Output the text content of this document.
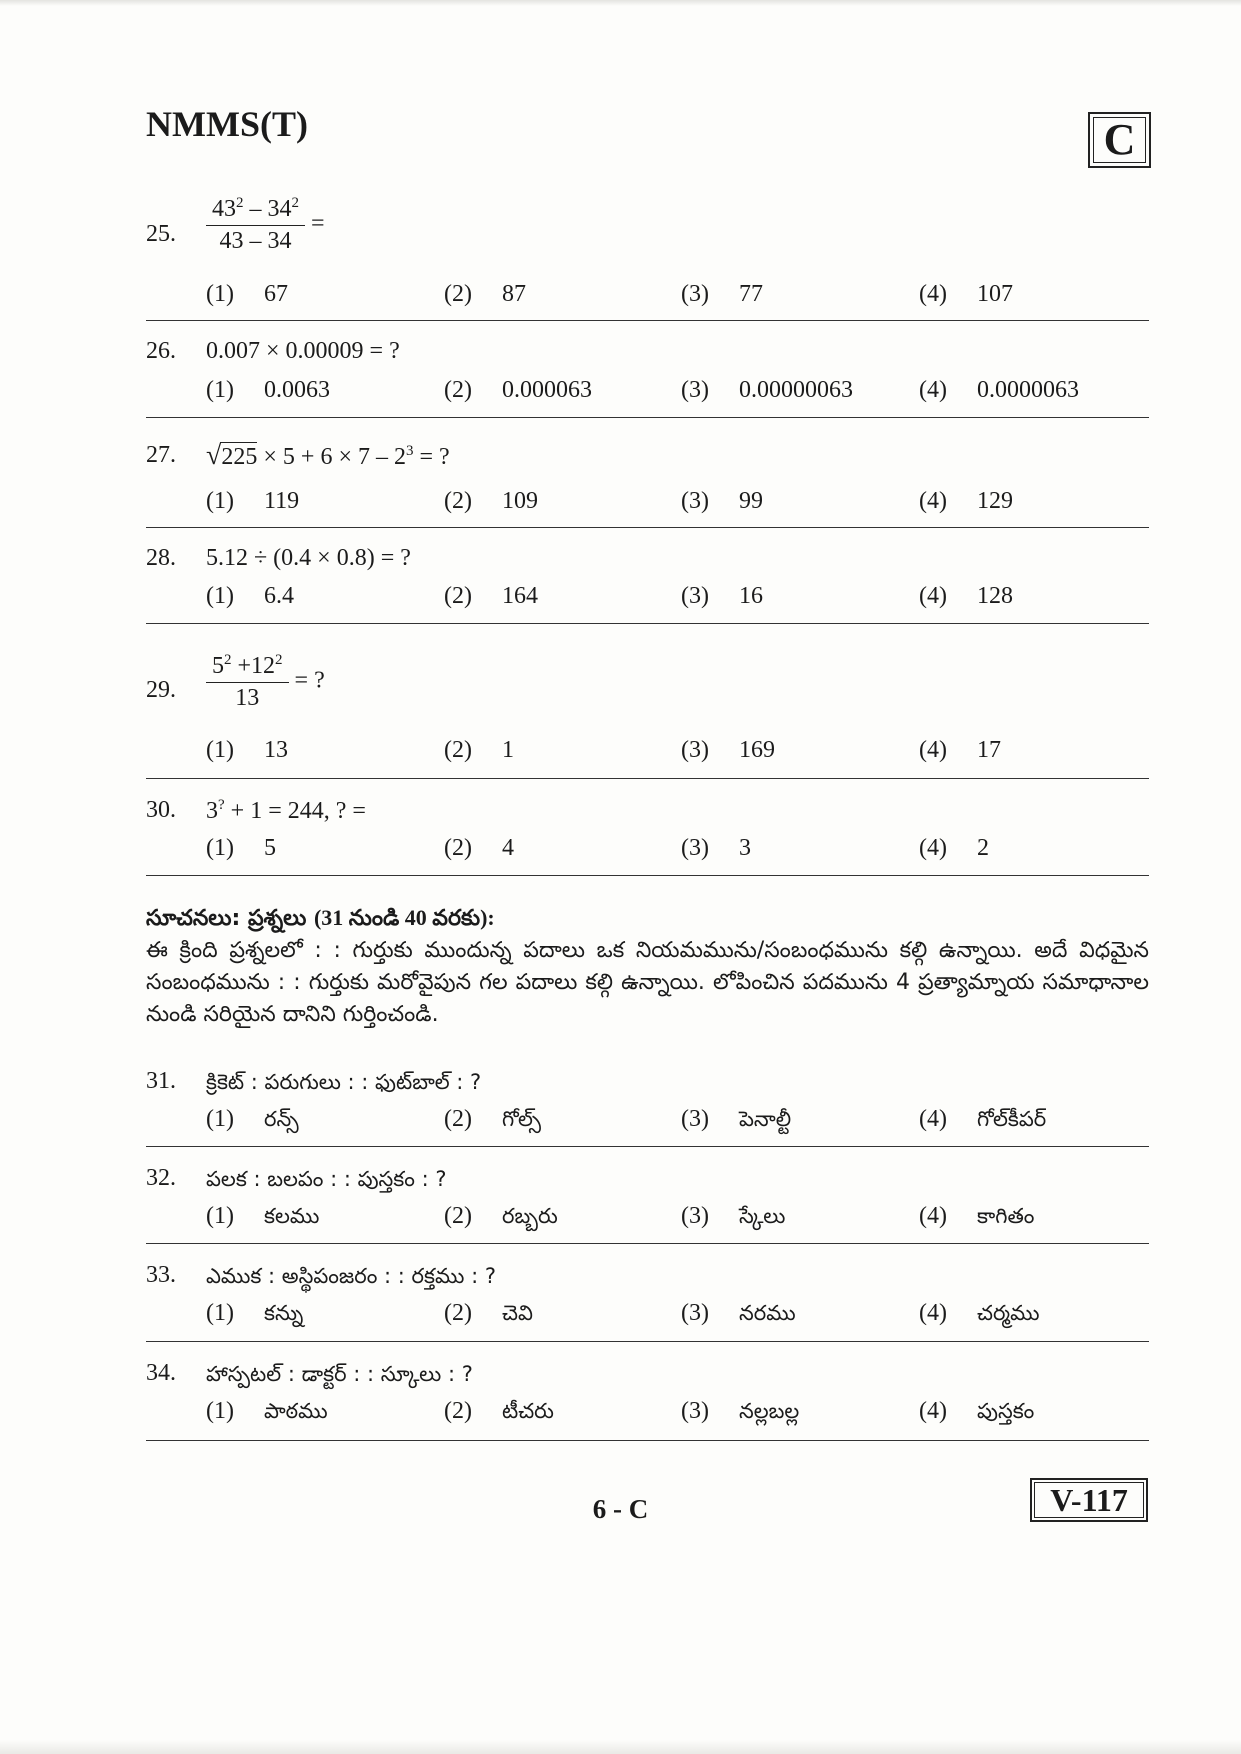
NMMS(T)	C
25. $\frac{43^2 - 34^2}{43 - 34}$ =
(1) 67	(2) 87	(3) 77	(4) 107
26. 0.007 × 0.00009 = ?
(1) 0.0063	(2) 0.000063	(3) 0.00000063	(4) 0.0000063
27. $√225 \times 5 + 6 \times 7 - 2^3$ = ?
(1) 119	(2) 109	(3) 99	(4) 129
28. 5.12 ÷ (0.4 × 0.8) = ?
(1) 6.4	(2) 164	(3) 16	(4) 128
29. $\frac{5^2 +12^2}{13}$ = ?
(1) 13	(2) 1	(3) 169	(4) 17
30. 3? + 1 = 244, ? =
(1) 5	(2) 4	(3) 3	(4) 2
సూచనలు: ప్రశ్నలు (31 నుండి 40 వరకు):
ఈ క్రింది ప్రశ్నలలో : : గుర్తుకు ముందున్న పదాలు ఒక నియమమును/సంబంధమును కల్గి ఉన్నాయి. అదే విధమైన సంబంధమును : : గుర్తుకు మరోవైపున గల పదాలు కల్గి ఉన్నాయి. లోపించిన పదమును 4 ప్రత్యామ్నాయ సమాధానాల నుండి సరియైన దానిని గుర్తించండి.
31. క్రికెట్ : పరుగులు : : ఫుట్‌బాల్ : ?
(1) రన్స్	(2) గోల్స్	(3) పెనాల్టీ	(4) గోల్‌కీపర్
32. పలక : బలపం : : పుస్తకం : ?
(1) కలము	(2) రబ్బరు	(3) స్కేలు	(4) కాగితం
33. ఎముక : అస్థిపంజరం : : రక్తము : ?
(1) కన్ను	(2) చెవి	(3) నరము	(4) చర్మము
34. హాస్పటల్ : డాక్టర్ : : స్కూలు : ?
(1) పాఠము	(2) టీచరు	(3) నల్లబల్ల	(4) పుస్తకం
6 - C	V-117
